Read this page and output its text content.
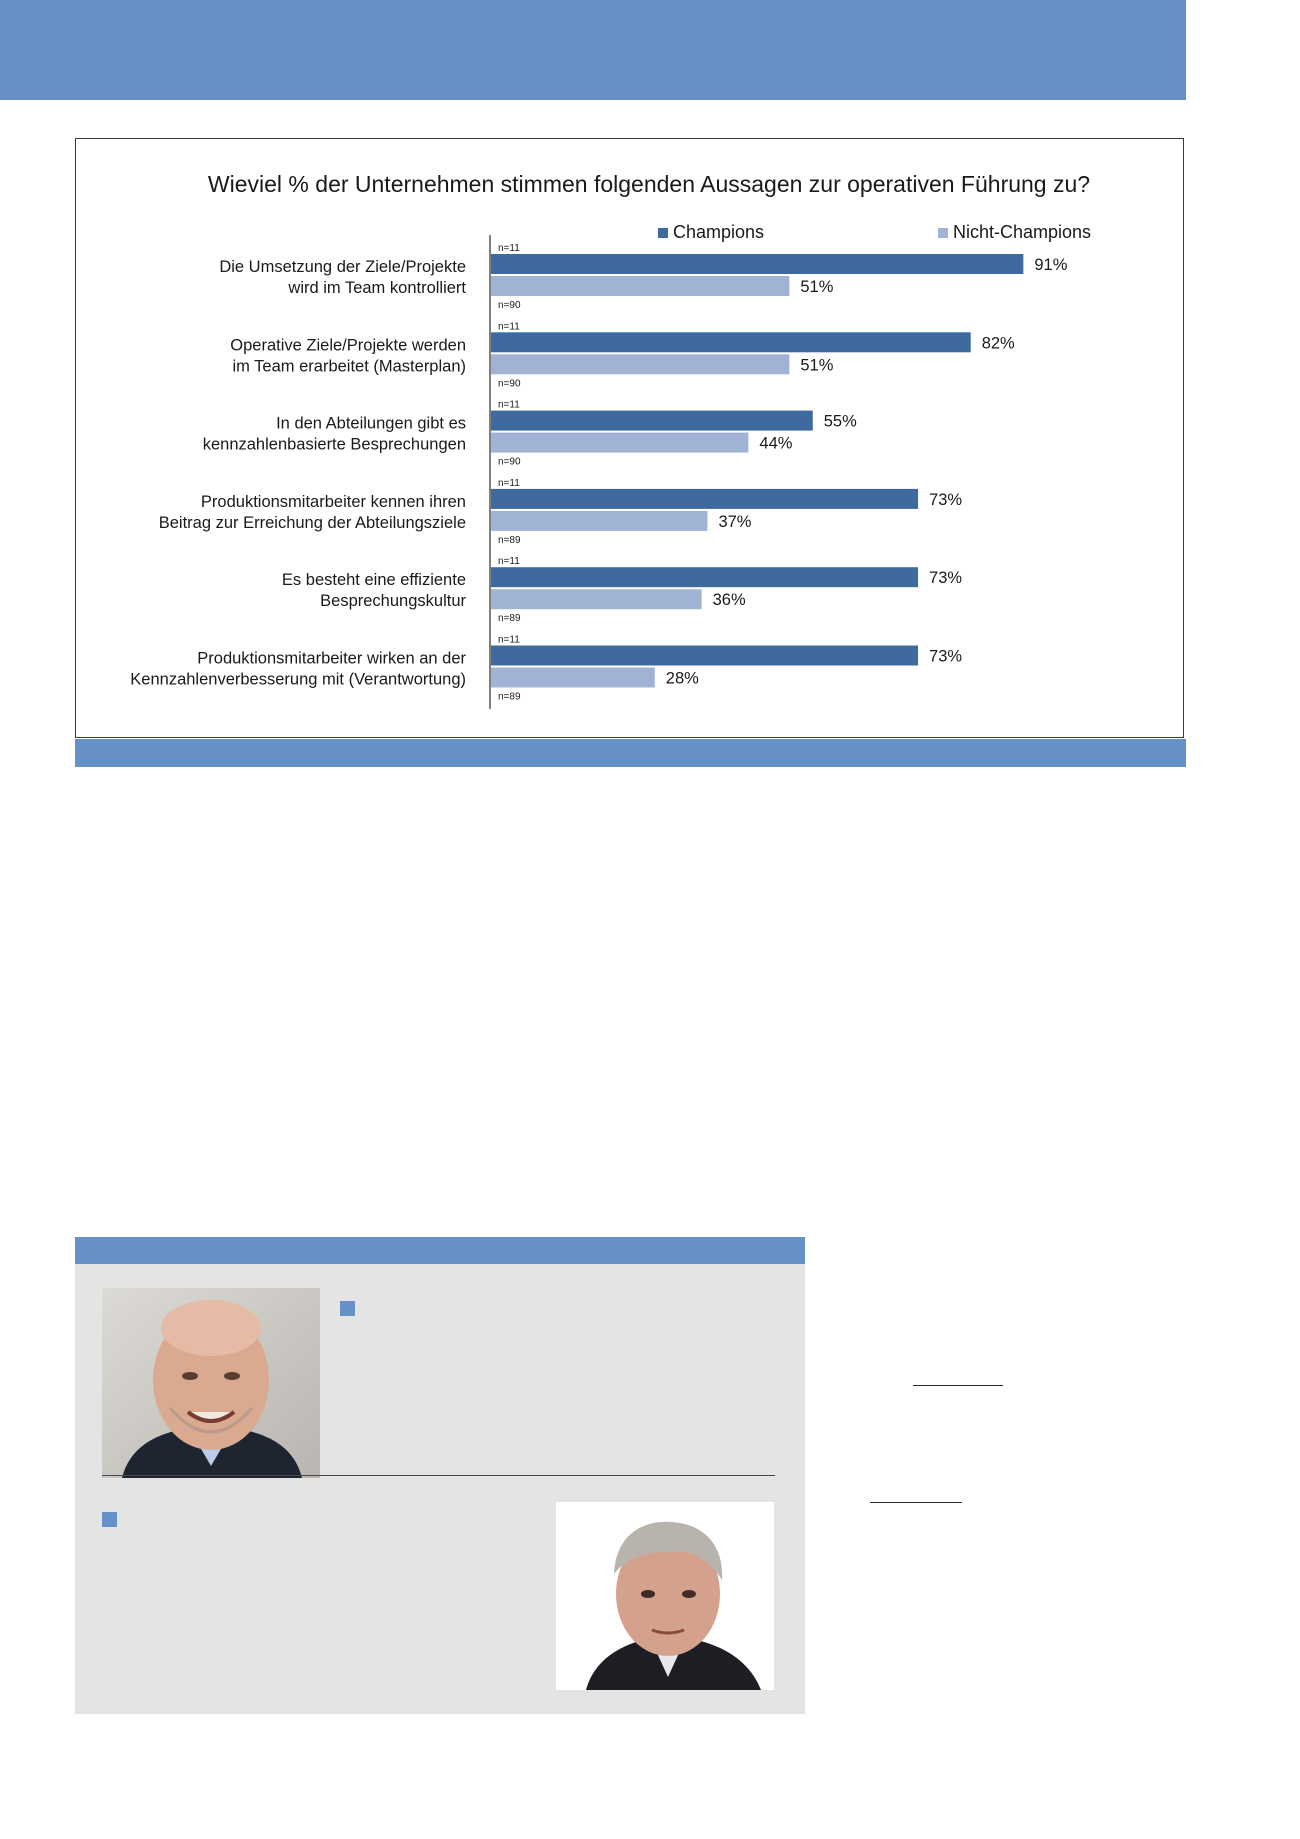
Wieviel % der Unternehmen stimmen folgenden Aussagen zur operativen Führung zu?
Champions	Nicht-Champions
Die Umsetzung der Ziele/Projekte wird im Team kontrolliert
91%
n=11
51%
n=90
Operative Ziele/Projekte werden im Team erarbeitet (Masterplan)
82%
n=11
51%
n=90
In den Abteilungen gibt es kennzahlenbasierte Besprechungen
55%
n=11
44%
n=90
Produktionsmitarbeiter kennen ihren Beitrag zur Erreichung der Abteilungsziele
73%
n=11
37%
n=89
Es besteht eine effiziente Besprechungskultur
73%
n=11
36%
n=89
Produktionsmitarbeiter wirken an der Kennzahlenverbesserung mit (Verantwortung)
73%
n=11
28%
n=89
